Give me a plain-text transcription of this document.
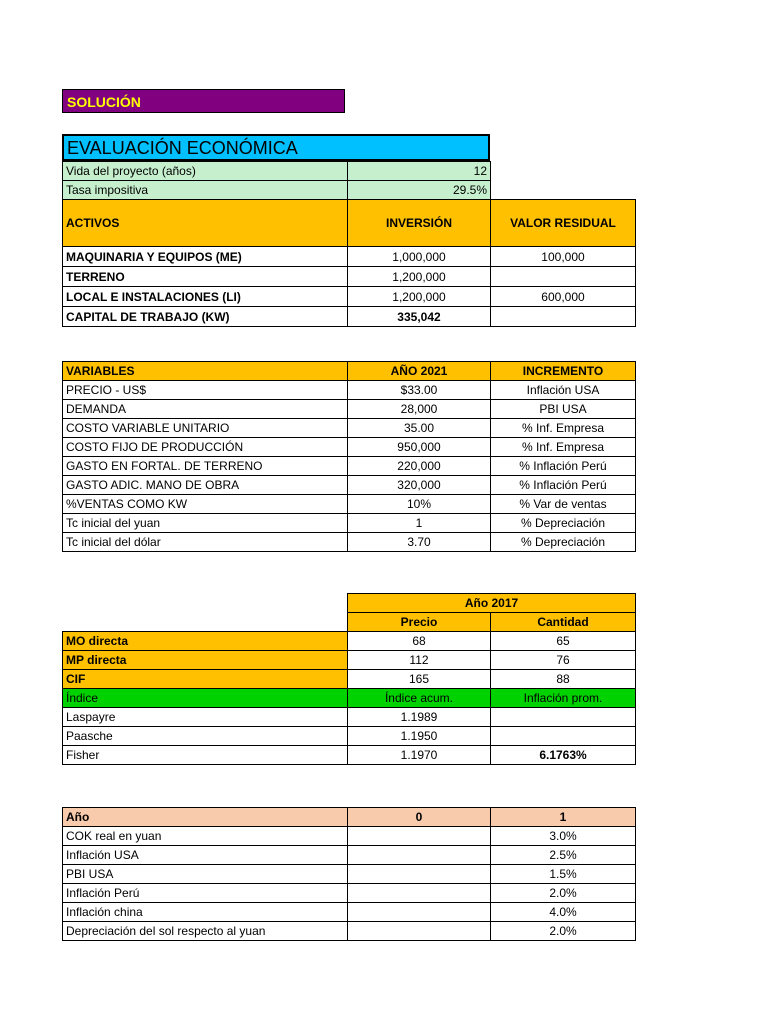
SOLUCIÓN
EVALUACIÓN ECONÓMICA
Vida del proyecto (años)	12
Tasa impositiva	29.5%
ACTIVOS	INVERSIÓN	VALOR RESIDUAL
MAQUINARIA Y EQUIPOS (ME)	1,000,000	100,000
TERRENO	1,200,000	
LOCAL E INSTALACIONES (LI)	1,200,000	600,000
CAPITAL DE TRABAJO (KW)	335,042	
VARIABLES	AÑO 2021	INCREMENTO
PRECIO - US$	$33.00	Inflación USA
DEMANDA	28,000	PBI USA
COSTO VARIABLE UNITARIO	35.00	% Inf. Empresa
COSTO FIJO DE PRODUCCIÓN	950,000	% Inf. Empresa
GASTO EN FORTAL. DE TERRENO	220,000	% Inflación Perú
GASTO ADIC. MANO DE OBRA	320,000	% Inflación Perú
%VENTAS COMO KW	10%	% Var de ventas
Tc inicial del yuan	1	% Depreciación
Tc inicial del dólar	3.70	% Depreciación
	Año 2017	
	Precio	Cantidad
MO directa	68	65
MP directa	112	76
CIF	165	88
Índice	Índice acum.	Inflación prom.
Laspayre	1.1989	
Paasche	1.1950	
Fisher	1.1970	6.1763%
Año	0	1
COK real en yuan		3.0%
Inflación USA		2.5%
PBI USA		1.5%
Inflación Perú		2.0%
Inflación china		4.0%
Depreciación del sol respecto al yuan		2.0%
